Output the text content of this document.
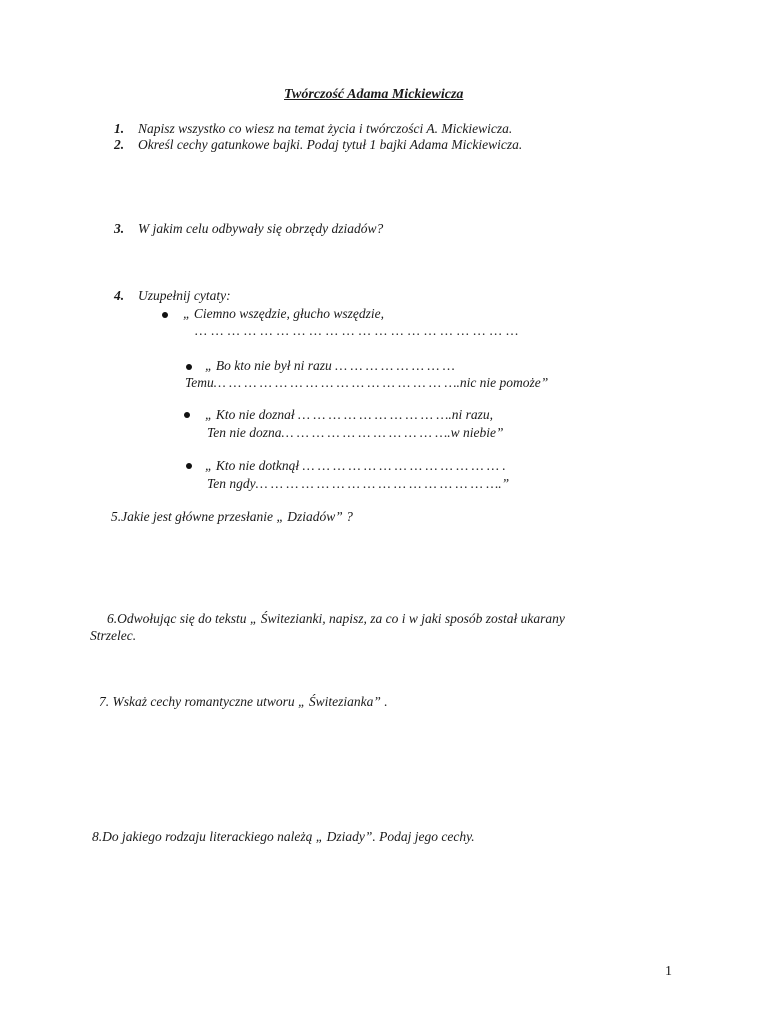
Twórczość Adama Mickiewicza
1. Napisz wszystko co wiesz na temat życia i twórczości A. Mickiewicza.
2. Określ cechy gatunkowe bajki. Podaj tytuł 1 bajki Adama Mickiewicza.
3. W jakim celu odbywały się obrzędy dziadów?
4. Uzupełnij cytaty:
„ Ciemno wszędzie, głucho wszędzie,
… … … … … … … … … … … … … … … … … … … …
„ Bo kto nie był ni razu … … … … … … … …
Temu… … … … … … … … … … … … … … … ….nic nie pomoże”
„ Kto nie doznał … … … … … … … … … ….ni razu,
Ten nie dozna… … … … … … … … … … ….w niebie”
„ Kto nie dotknął … … … … … … … … … … … … … .
Ten ngdy… … … … … … … … … … … … … … … ….”
5.Jakie jest główne przesłanie „ Dziadów” ?
6.Odwołując się do tekstu „ Świtezianki, napisz, za co i w jaki sposób został ukarany
Strzelec.
7. Wskaż cechy romantyczne utworu „ Świtezianka” .
8.Do jakiego rodzaju literackiego należą „ Dziady”. Podaj jego cechy.
1
